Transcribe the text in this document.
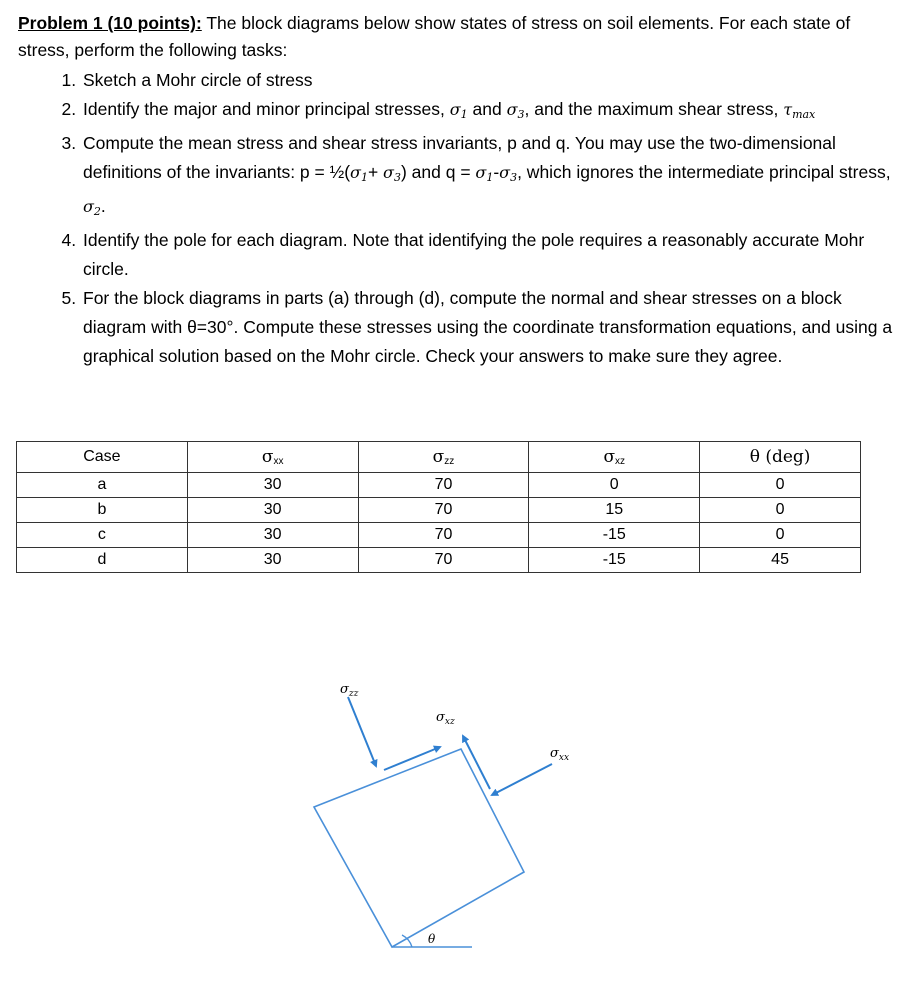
Problem 1 (10 points): The block diagrams below show states of stress on soil elements. For each state of stress, perform the following tasks:
1. Sketch a Mohr circle of stress
2. Identify the major and minor principal stresses, $\sigma_1$ and $\sigma_3$, and the maximum shear stress, $\tau_{max}$
3. Compute the mean stress and shear stress invariants, p and q. You may use the two-dimensional definitions of the invariants: $p = \frac{1}{2}(\sigma_1+ \sigma_3)$ and $q = \sigma_1-\sigma_3$, which ignores the intermediate principal stress, $\sigma_2$.
4. Identify the pole for each diagram. Note that identifying the pole requires a reasonably accurate Mohr circle.
5. For the block diagrams in parts (a) through (d), compute the normal and shear stresses on a block diagram with θ=30°. Compute these stresses using the coordinate transformation equations, and using a graphical solution based on the Mohr circle. Check your answers to make sure they agree.
Case	σxx	σzz	σxz	θ (deg)
a	30	70	0	0
b	30	70	15	0
c	30	70	-15	0
d	30	70	-15	45
θ
$\sigma_{zz}$
$\sigma_{xz}$
$\sigma_{xx}$
